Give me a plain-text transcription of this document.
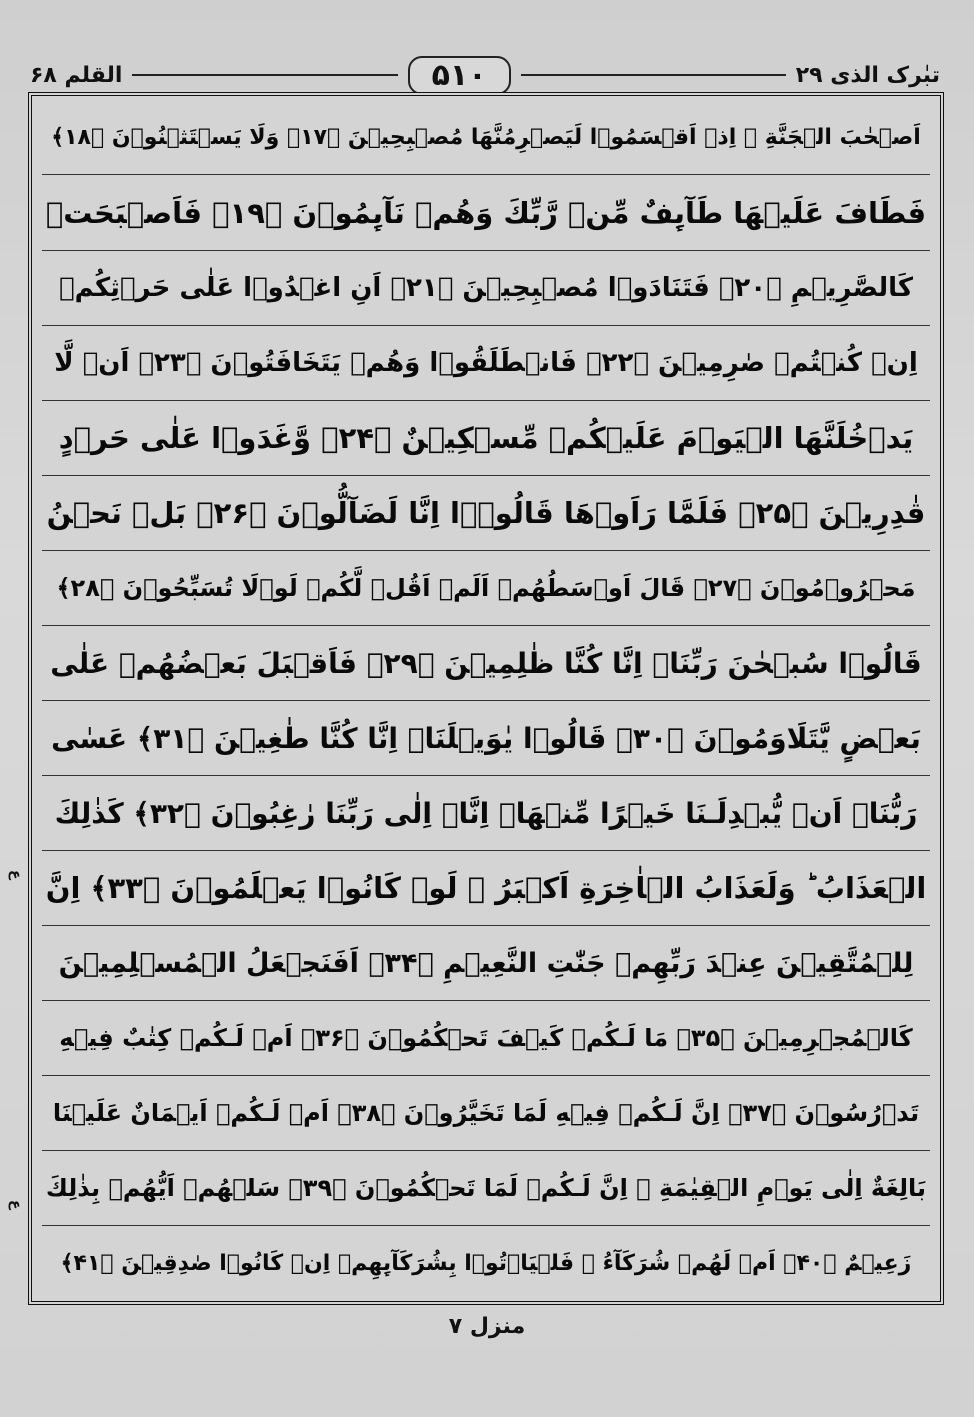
القلم ۶۸	۵۱۰	تبٰرک الذی ۲۹
اَصۡحٰبَ الۡجَنَّةِ ۚ اِذۡ اَقۡسَمُوۡا لَيَصۡرِمُنَّهَا مُصۡبِحِيۡنَ ﴿۱۷﴾ وَلَا يَسۡتَثۡنُوۡنَ ﴿۱۸﴾
فَطَافَ عَلَيۡهَا طَآٮِٕفٌ مِّنۡ رَّبِّكَ وَهُمۡ نَآٮِٕمُوۡنَ ﴿۱۹﴾ فَاَصۡبَحَتۡ
كَالصَّرِيۡمِ ﴿۲۰﴾ فَتَنَادَوۡا مُصۡبِحِيۡنَ ﴿۲۱﴾ اَنِ اغۡدُوۡا عَلٰى حَرۡثِكُمۡ
اِنۡ كُنۡتُمۡ صٰرِمِيۡنَ ﴿۲۲﴾ فَانۡطَلَقُوۡا وَهُمۡ يَتَخَافَتُوۡنَ ﴿۲۳﴾ اَنۡ لَّا
يَدۡخُلَنَّهَا الۡيَوۡمَ عَلَيۡكُمۡ مِّسۡكِيۡنٌ ﴿۲۴﴾ وَّغَدَوۡا عَلٰى حَرۡدٍ
قٰدِرِيۡنَ ﴿۲۵﴾ فَلَمَّا رَاَوۡهَا قَالُوۡۤا اِنَّا لَضَآلُّوۡنَ ﴿۲۶﴾ بَلۡ نَحۡنُ
مَحۡرُوۡمُوۡنَ ﴿۲۷﴾ قَالَ اَوۡسَطُهُمۡ اَلَمۡ اَقُلۡ لَّكُمۡ لَوۡلَا تُسَبِّحُوۡنَ ﴿۲۸﴾
قَالُوۡا سُبۡحٰنَ رَبِّنَاۤ اِنَّا كُنَّا ظٰلِمِيۡنَ ﴿۲۹﴾ فَاَقۡبَلَ بَعۡضُهُمۡ عَلٰى
بَعۡضٍ يَّتَلَاوَمُوۡنَ ﴿۳۰﴾ قَالُوۡا يٰوَيۡلَنَاۤ اِنَّا كُنَّا طٰغِيۡنَ ﴿۳۱﴾ عَسٰى
رَبُّنَاۤ اَنۡ يُّبۡدِلَـنَا خَيۡرًا مِّنۡهَاۤ اِنَّاۤ اِلٰى رَبِّنَا رٰغِبُوۡنَ ﴿۳۲﴾ كَذٰلِكَ
الۡعَذَابُ ؕ وَلَعَذَابُ الۡاٰخِرَةِ اَكۡبَرُ ۘ لَوۡ كَانُوۡا يَعۡلَمُوۡنَ ﴿۳۳﴾ اِنَّ
لِلۡمُتَّقِيۡنَ عِنۡدَ رَبِّهِمۡ جَنّٰتِ النَّعِيۡمِ ﴿۳۴﴾ اَفَنَجۡعَلُ الۡمُسۡلِمِيۡنَ
كَالۡمُجۡرِمِيۡنَ ﴿۳۵﴾ مَا لَـكُمۡ كَيۡفَ تَحۡكُمُوۡنَ ﴿۳۶﴾ اَمۡ لَـكُمۡ كِتٰبٌ فِيۡهِ
تَدۡرُسُوۡنَ ﴿۳۷﴾ اِنَّ لَـكُمۡ فِيۡهِ لَمَا تَخَيَّرُوۡنَ ﴿۳۸﴾ اَمۡ لَـكُمۡ اَيۡمَانٌ عَلَيۡنَا
بَالِغَةٌ اِلٰى يَوۡمِ الۡقِيٰمَةِ ۙ اِنَّ لَـكُمۡ لَمَا تَحۡكُمُوۡنَ ﴿۳۹﴾ سَلۡهُمۡ اَيُّهُمۡ بِذٰلِكَ
زَعِيۡمٌ ﴿۴۰﴾ اَمۡ لَهُمۡ شُرَكَآءُ ۚ فَلۡيَاۡتُوۡا بِشُرَكَآٮِٕهِمۡ اِنۡ كَانُوۡا صٰدِقِيۡنَ ﴿۴۱﴾
ع
ع
منزل ۷
